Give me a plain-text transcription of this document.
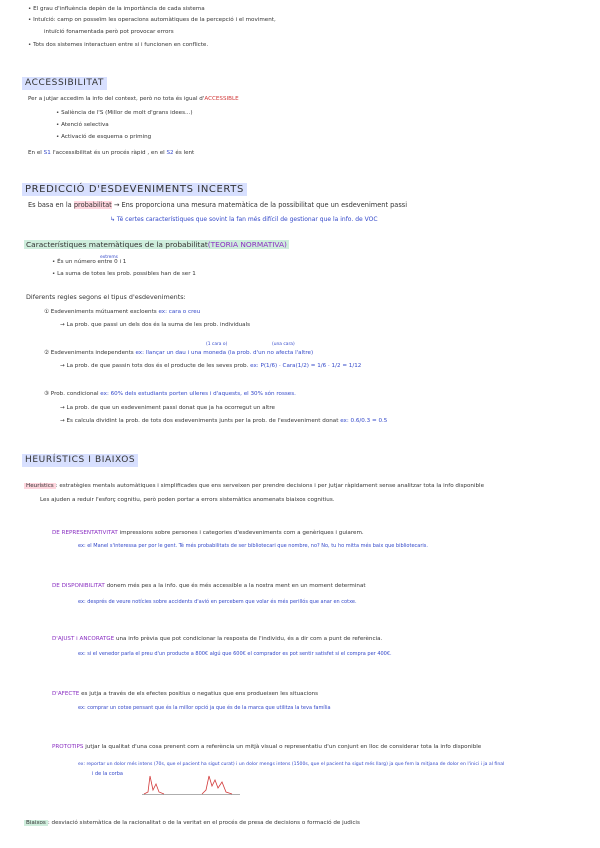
• El grau d'influència depèn de la importància de cada sistema
• Intuïció: camp on posseïm les operacions automàtiques de la percepció i el moviment,
intuïció fonamentada però pot provocar errors
• Tots dos sistemes interactuen entre si i funcionen en conflicte.
ACCESSIBILITAT
Per a jutjar accedim la info del context, però no tota és igual d'ACCESSIBLE
• Saliència de l'S (Millor de molt d'grans idees...)
• Atenció selectiva
• Activació de esquema o priming
En el S1 l'accessibilitat és un procés ràpid , en el S2 és lent
PREDICCIÓ D'ESDEVENIMENTS INCERTS
Es basa en la probabilitat → Ens proporciona una mesura matemàtica de la possibilitat que un esdeveniment passi
↳ Té certes característiques que sovint la fan més difícil de gestionar que la info. de VOC
Característiques matemàtiques de la probabilitat(TEORIA NORMATIVA)
extrems
• És un número entre 0 i 1
• La suma de totes les prob. possibles han de ser 1
Diferents regles segons el tipus d'esdeveniments:
① Esdeveniments mútuament excloents ex: cara o creu
→ La prob. que passi un dels dos és la suma de les prob. individuals
(1 cara o)	(una cara)
② Esdeveniments independents ex: llançar un dau i una moneda (la prob. d'un no afecta l'altre)
→ La prob. de que passin tots dos és el producte de les seves prob. ex: P(1/6) · Cara(1/2) = 1/6 · 1/2 = 1/12
③ Prob. condicional ex: 60% dels estudiants porten ulleres i d'aquests, el 30% són rosses.
→ La prob. de que un esdeveniment passi donat que ja ha ocorregut un altre
→ Es calcula dividint la prob. de tots dos esdeveniments junts per la prob. de l'esdeveniment donat ex: 0.6/0.3 = 0.5
HEURÍSTICS I BIAIXOS
Heurístics : estratègies mentals automàtiques i simplificades que ens serveixen per prendre decisions i per jutjar ràpidament sense analitzar tota la info disponible
Les ajuden a reduir l'esforç cognitiu, però poden portar a errors sistemàtics anomenats biaixos cognitius.
DE REPRESENTATIVITAT impressions sobre persones i categories d'esdeveniments com a genèriques i guiarem.
ex: el Manel s'interessa per por le gent. Té més probabilitats de ser bibliotecari que nombre, no? No, tu ho mitta més baix que bibliotecaris.
DE DISPONIBILITAT donem més pes a la info. que és més accessible a la nostra ment en un moment determinat
ex: després de veure notícies sobre accidents d'avió en percebem que volar és més perillós que anar en cotxe.
D'AJUST i ANCORATGE una info prèvia que pot condicionar la resposta de l'individu, és a dir com a punt de referència.
ex: si el venedor parla el preu d'un producte a 800€ algú que 600€ el comprador es pot sentir satisfet si el compra per 400€.
D'AFECTE es jutja a través de els efectes positius o negatius que ens produeixen les situacions
ex: comprar un cotxe pensant que és la millor opció ja que és de la marca que utilitza la teva família
PROTOTIPS jutjar la qualitat d'una cosa prenent com a referència un mitjà visual o representatiu d'un conjunt en lloc de considerar tota la info disponible
ex: reportar un dolor més intens (70s, que el pacient ha sigut curat) i un dolor mengs intens (1500s, que el pacient ha sigut més llarg) ja que fem la mitjana de dolor en l'inici i ja al final
i de la corba
Biaixos : desviació sistemàtica de la racionalitat o de la veritat en el procés de presa de decisions o formació de judicis
